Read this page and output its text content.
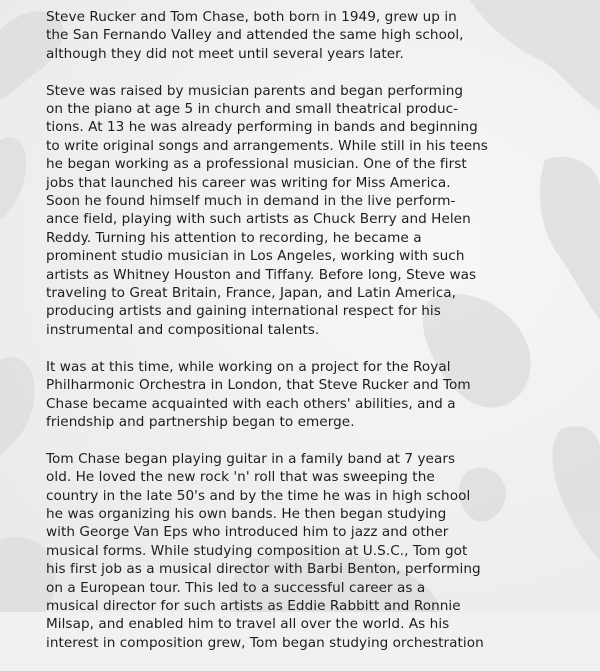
Steve Rucker and Tom Chase, both born in 1949, grew up in
the San Fernando Valley and attended the same high school,
although they did not meet until several years later.

Steve was raised by musician parents and began performing
on the piano at age 5 in church and small theatrical produc-
tions. At 13 he was already performing in bands and beginning
to write original songs and arrangements. While still in his teens
he began working as a professional musician. One of the first
jobs that launched his career was writing for Miss America.
Soon he found himself much in demand in the live perform-
ance field, playing with such artists as Chuck Berry and Helen
Reddy. Turning his attention to recording, he became a
prominent studio musician in Los Angeles, working with such
artists as Whitney Houston and Tiffany. Before long, Steve was
traveling to Great Britain, France, Japan, and Latin America,
producing artists and gaining international respect for his
instrumental and compositional talents.

It was at this time, while working on a project for the Royal
Philharmonic Orchestra in London, that Steve Rucker and Tom
Chase became acquainted with each others' abilities, and a
friendship and partnership began to emerge.

Tom Chase began playing guitar in a family band at 7 years
old. He loved the new rock 'n' roll that was sweeping the
country in the late 50's and by the time he was in high school
he was organizing his own bands. He then began studying
with George Van Eps who introduced him to jazz and other
musical forms. While studying composition at U.S.C., Tom got
his first job as a musical director with Barbi Benton, performing
on a European tour. This led to a successful career as a
musical director for such artists as Eddie Rabbitt and Ronnie
Milsap, and enabled him to travel all over the world. As his
interest in composition grew, Tom began studying orchestration
